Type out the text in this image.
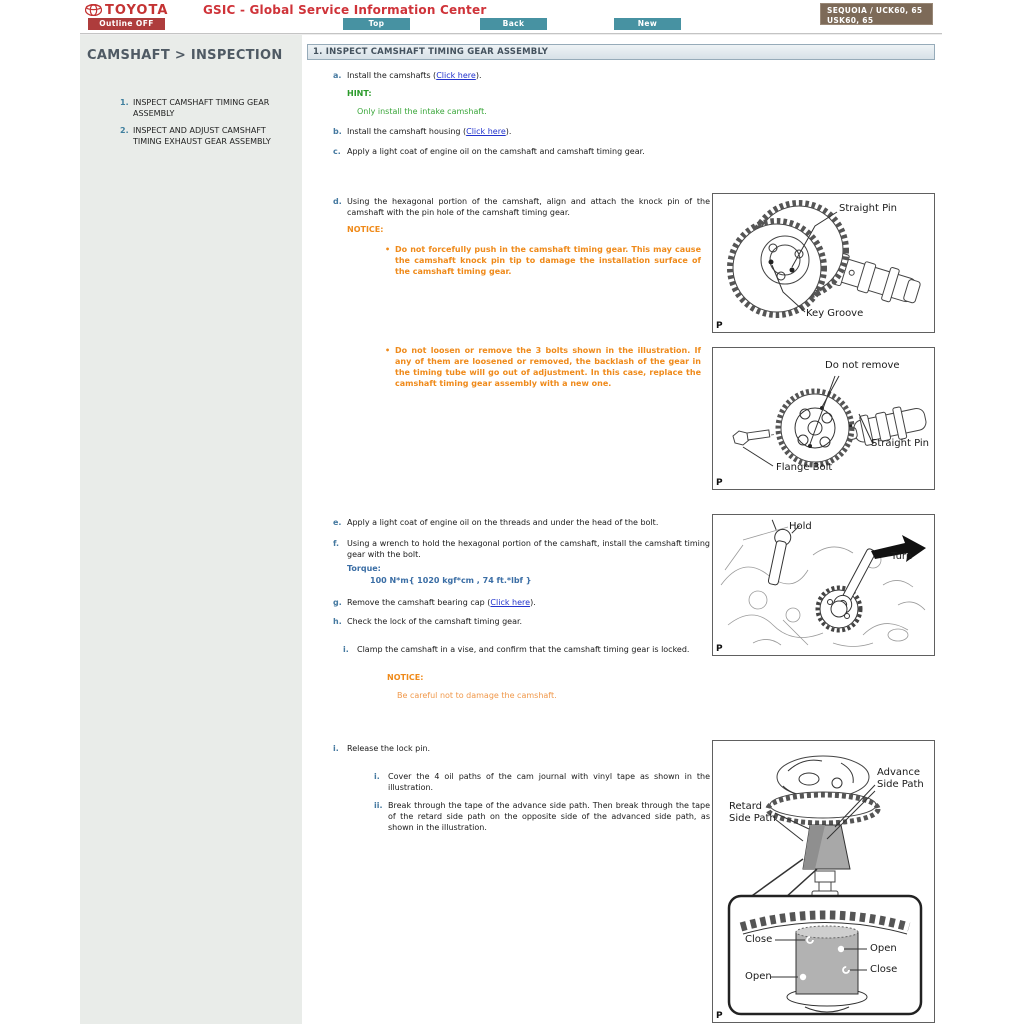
TOYOTA	GSIC - Global Service Information Center
Outline OFF	Top	Back	New
SEQUOIA / UCK60, 65
USK60, 65
CAMSHAFT > INSPECTION
1. INSPECT CAMSHAFT TIMING GEAR ASSEMBLY
2. INSPECT AND ADJUST CAMSHAFT TIMING EXHAUST GEAR ASSEMBLY
1. INSPECT CAMSHAFT TIMING GEAR ASSEMBLY
a. Install the camshafts (Click here).
HINT:
Only install the intake camshaft.
b. Install the camshaft housing (Click here).
c. Apply a light coat of engine oil on the camshaft and camshaft timing gear.
d. Using the hexagonal portion of the camshaft, align and attach the knock pin of the camshaft with the pin hole of the camshaft timing gear.
NOTICE:
• Do not forcefully push in the camshaft timing gear. This may cause the camshaft knock pin tip to damage the installation surface of the camshaft timing gear.
• Do not loosen or remove the 3 bolts shown in the illustration. If any of them are loosened or removed, the backlash of the gear in the timing tube will go out of adjustment. In this case, replace the camshaft timing gear assembly with a new one.
e. Apply a light coat of engine oil on the threads and under the head of the bolt.
f. Using a wrench to hold the hexagonal portion of the camshaft, install the camshaft timing gear with the bolt.
Torque:
100 N*m{ 1020 kgf*cm , 74 ft.*lbf }
g. Remove the camshaft bearing cap (Click here).
h. Check the lock of the camshaft timing gear.
i.	Clamp the camshaft in a vise, and confirm that the camshaft timing gear is locked.
NOTICE:
Be careful not to damage the camshaft.
i.	Release the lock pin.
i.	Cover the 4 oil paths of the cam journal with vinyl tape as shown in the illustration.
ii. Break through the tape of the advance side path. Then break through the tape of the retard side path on the opposite side of the advanced side path, as shown in the illustration.
Straight Pin
Key Groove
P
Do not remove
Straight Pin
Flange Bolt
P
Hold
Turn
P
Advance Side Path
Retard Side Path
Close
Open
Open
Close
P
